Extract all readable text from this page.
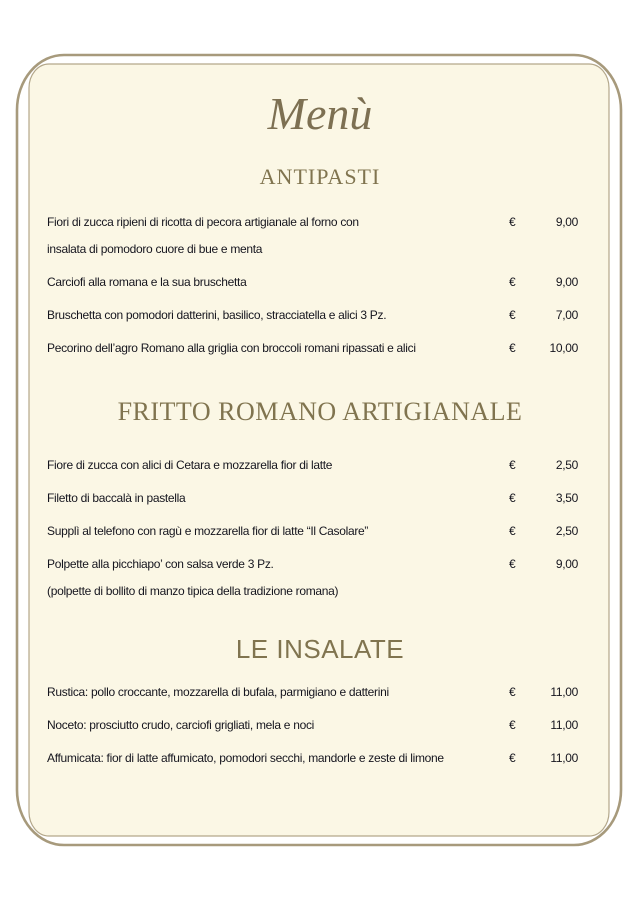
Menù
ANTIPASTI
Fiori di zucca ripieni di ricotta di pecora artigianale al forno con
insalata di pomodoro cuore di bue e menta
€	9,00
Carciofi alla romana e la sua bruschetta	€	9,00
Bruschetta con pomodori datterini, basilico, stracciatella e alici 3 Pz.	€	7,00
Pecorino dell’agro Romano alla griglia con broccoli romani ripassati e alici	€	10,00
FRITTO ROMANO ARTIGIANALE
Fiore di zucca con alici di Cetara e mozzarella fior di latte	€	2,50
Filetto di baccalà in pastella	€	3,50
Supplì al telefono con ragù e mozzarella fior di latte “Il Casolare”	€	2,50
Polpette alla picchiapo’ con salsa verde 3 Pz.
(polpette di bollito di manzo tipica della tradizione romana)
€	9,00
LE INSALATE
Rustica: pollo croccante, mozzarella di bufala, parmigiano e datterini	€	11,00
Noceto: prosciutto crudo, carciofi grigliati, mela e noci	€	11,00
Affumicata: fior di latte affumicato, pomodori secchi, mandorle e zeste di limone	€	11,00
